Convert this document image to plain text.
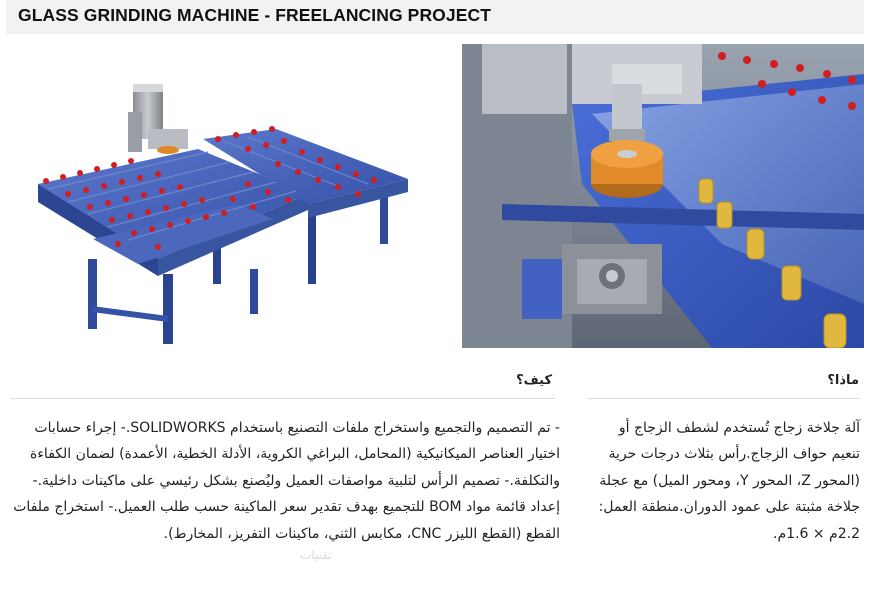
GLASS GRINDING MACHINE - FREELANCING PROJECT
كيف؟	ماذا؟

- تم التصميم والتجميع واستخراج ملفات التصنيع باستخدام SOLIDWORKS.- إجراء حسابات اختيار العناصر الميكانيكية (المحامل، البراغي الكروية، الأدلة الخطية، الأعمدة) لضمان الكفاءة والتكلفة.- تصميم الرأس لتلبية مواصفات العميل وليُصنع بشكل رئيسي على ماكينات داخلية.- إعداد قائمة مواد BOM للتجميع بهدف تقدير سعر الماكينة حسب طلب العميل.- استخراج ملفات القطع (القطع الليزر CNC، مكابس الثني، ماكينات التفريز، المخارط).

آلة جلاخة زجاج تُستخدم لشطف الزجاج أو تنعيم حواف الزجاج.رأس بثلاث درجات حرية (المحور Z، المحور Y، ومحور الميل) مع عجلة جلاخة مثبتة على عمود الدوران.منطقة العمل: 2.2م × 1.6م.

تقنيات
